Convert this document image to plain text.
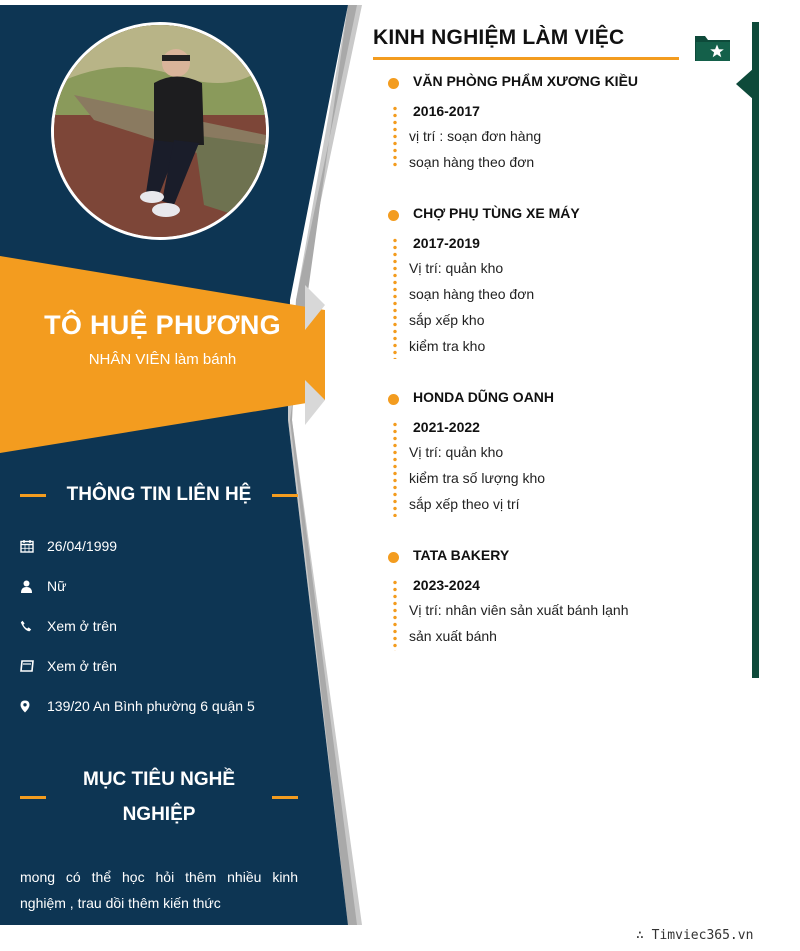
TÔ HUỆ PHƯƠNG
NHÂN VIÊN làm bánh
THÔNG TIN LIÊN HỆ
26/04/1999
Nữ
Xem ở trên
Xem ở trên
139/20 An Bình phường 6 quận 5
MỤC TIÊU NGHỀ
NGHIỆP
mong có thể học hỏi thêm nhiều kinh nghiệm , trau dồi thêm kiến thức
KINH NGHIỆM LÀM VIỆC
VĂN PHÒNG PHẨM XƯƠNG KIỀU
2016-2017
vị trí : soạn đơn hàng
soạn hàng theo đơn
CHỢ PHỤ TÙNG XE MÁY
2017-2019
Vị trí: quản kho
soạn hàng theo đơn
sắp xếp kho
kiểm tra kho
HONDA DŨNG OANH
2021-2022
Vị trí: quản kho
kiểm tra số lượng kho
sắp xếp theo vị trí
TATA BAKERY
2023-2024
Vị trí: nhân viên sản xuất bánh lạnh
sản xuất bánh
∴ Timviec365.vn
